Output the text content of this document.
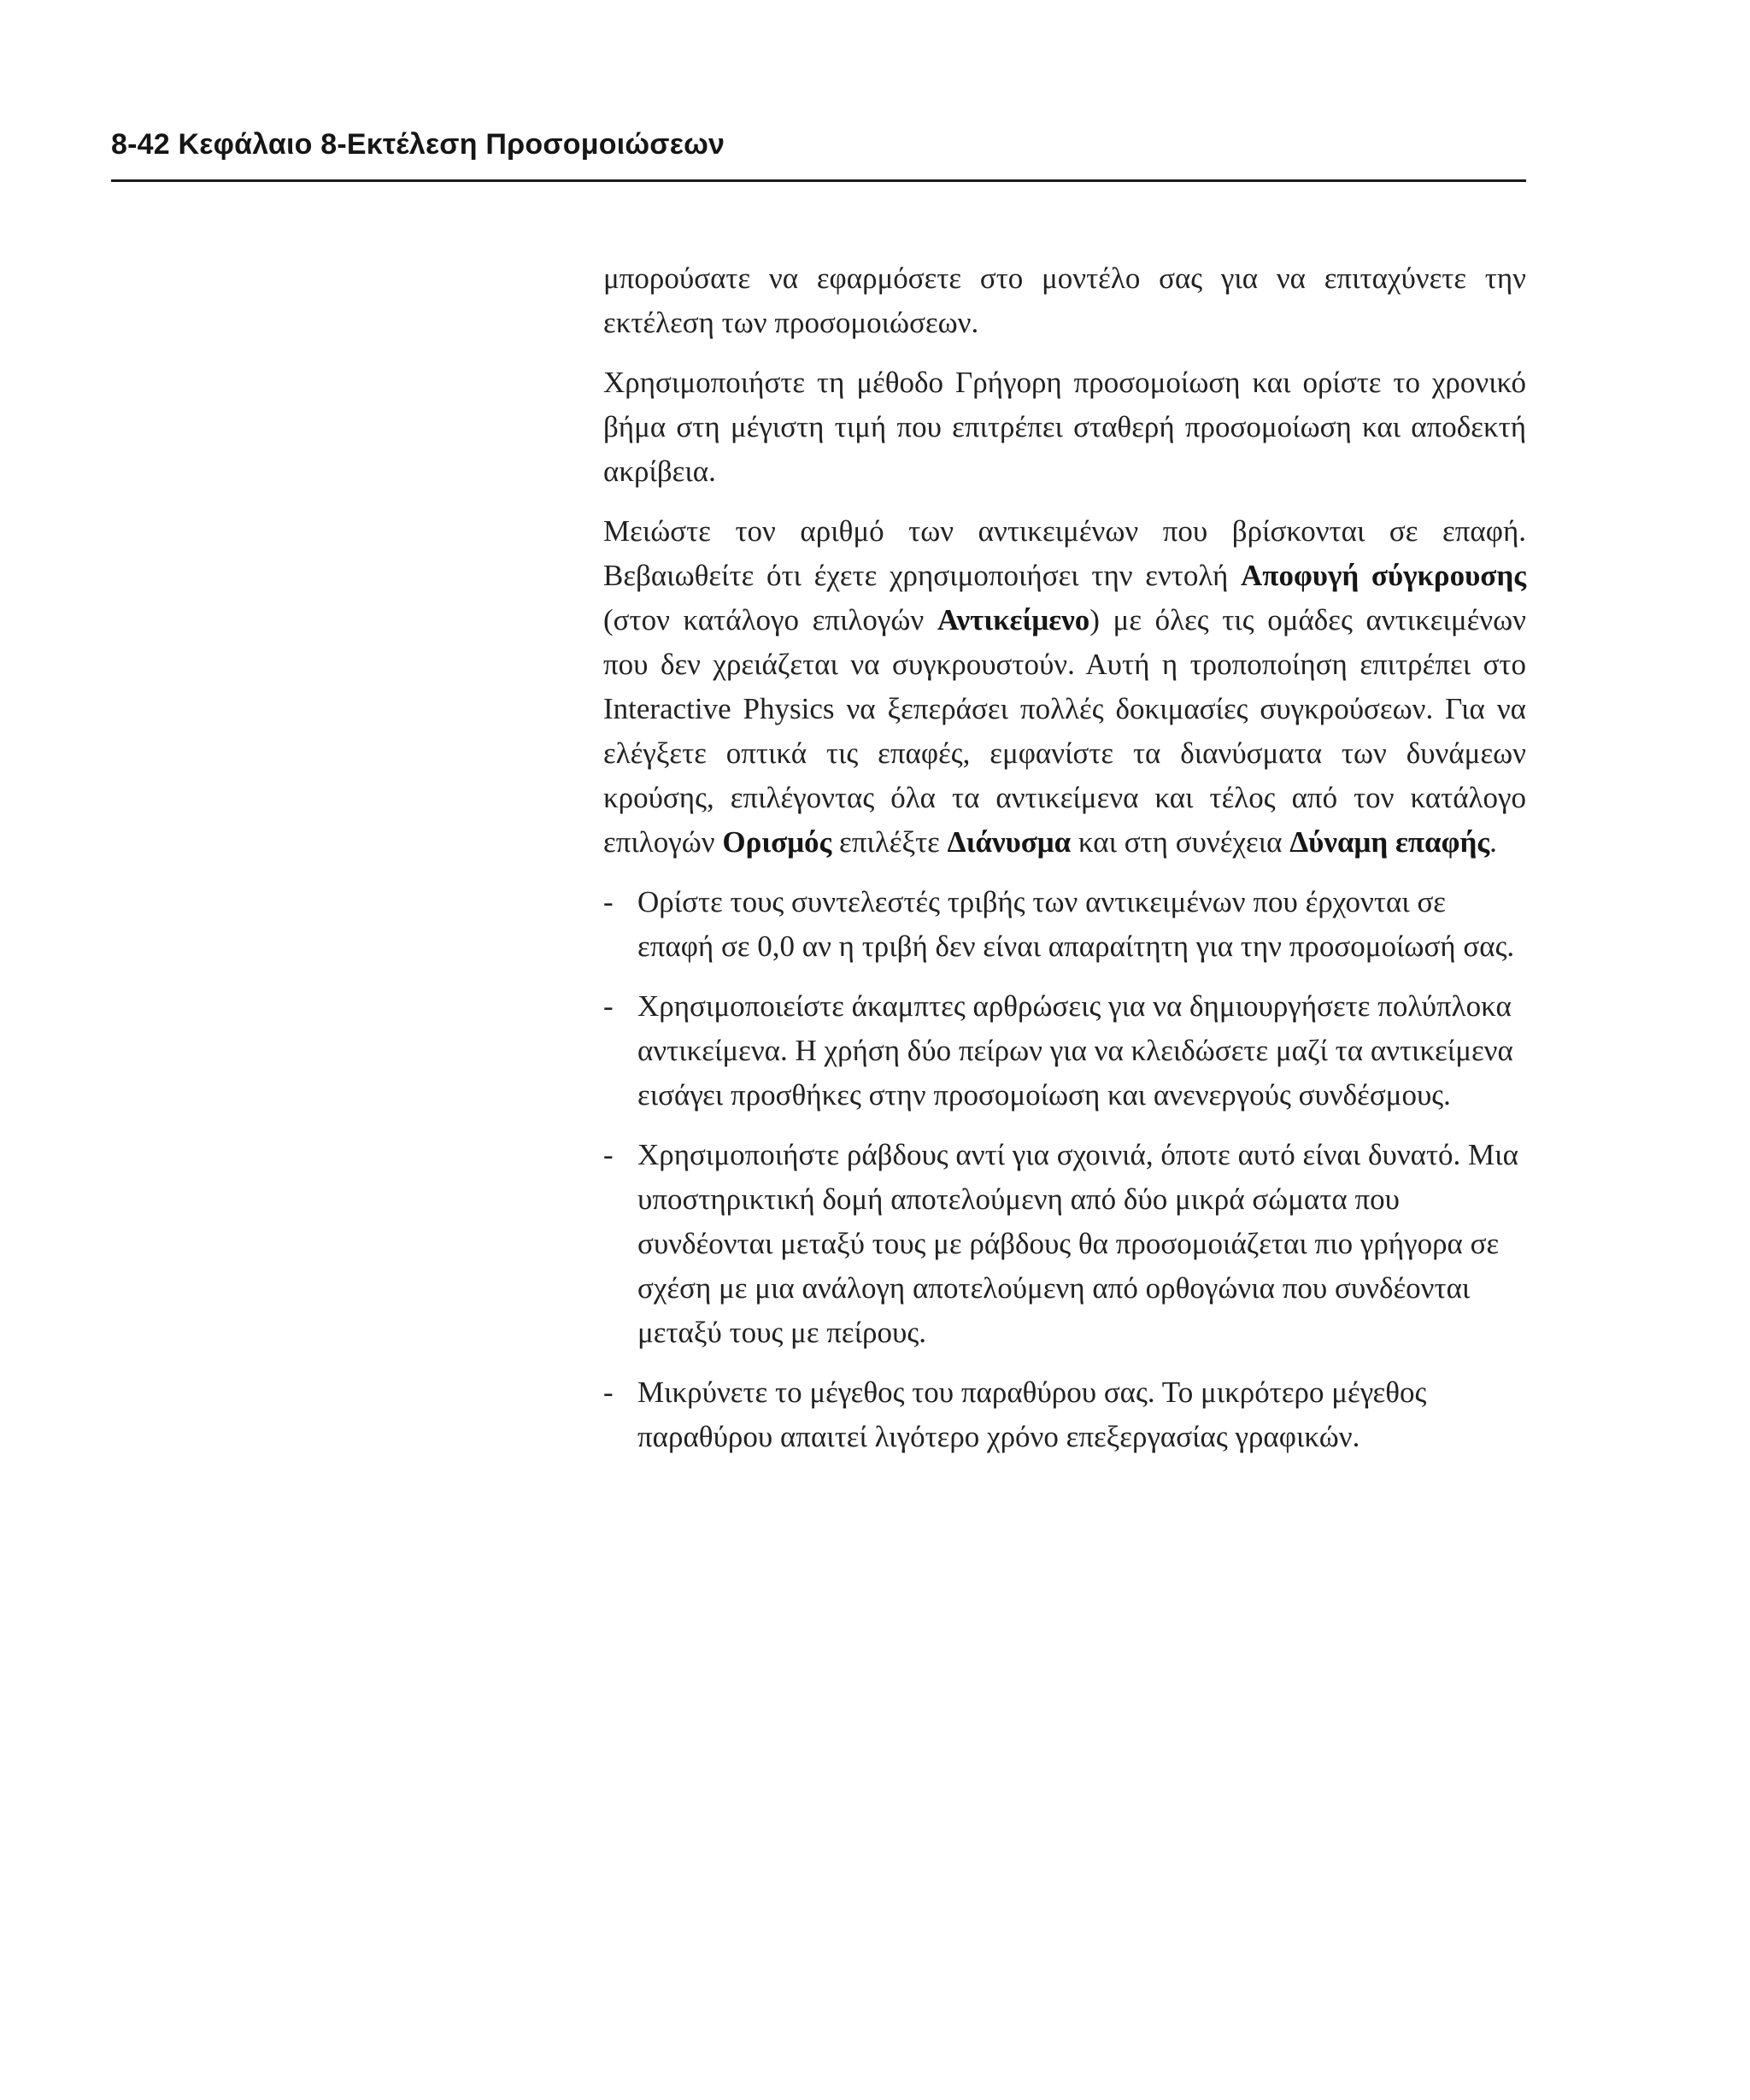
8-42 Κεφάλαιο 8-Εκτέλεση Προσομοιώσεων

μπορούσατε να εφαρμόσετε στο μοντέλο σας για να επιταχύνετε την εκτέλεση των προσομοιώσεων.

Χρησιμοποιήστε τη μέθοδο Γρήγορη προσομοίωση και ορίστε το χρονικό βήμα στη μέγιστη τιμή που επιτρέπει σταθερή προσομοίωση και αποδεκτή ακρίβεια.

Μειώστε τον αριθμό των αντικειμένων που βρίσκονται σε επαφή. Βεβαιωθείτε ότι έχετε χρησιμοποιήσει την εντολή Αποφυγή σύγκρουσης (στον κατάλογο επιλογών Αντικείμενο) με όλες τις ομάδες αντικειμένων που δεν χρειάζεται να συγκρουστούν. Αυτή η τροποποίηση επιτρέπει στο Interactive Physics να ξεπεράσει πολλές δοκιμασίες συγκρούσεων. Για να ελέγξετε οπτικά τις επαφές, εμφανίστε τα διανύσματα των δυνάμεων κρούσης, επιλέγοντας όλα τα αντικείμενα και τέλος από τον κατάλογο επιλογών Ορισμός επιλέξτε Διάνυσμα και στη συνέχεια Δύναμη επαφής.

- Ορίστε τους συντελεστές τριβής των αντικειμένων που έρχονται σε επαφή σε 0,0 αν η τριβή δεν είναι απαραίτητη για την προσομοίωσή σας.
- Χρησιμοποιείστε άκαμπτες αρθρώσεις για να δημιουργήσετε πολύπλοκα αντικείμενα. Η χρήση δύο πείρων για να κλειδώσετε μαζί τα αντικείμενα εισάγει προσθήκες στην προσομοίωση και ανενεργούς συνδέσμους.
- Χρησιμοποιήστε ράβδους αντί για σχοινιά, όποτε αυτό είναι δυνατό. Μια υποστηρικτική δομή αποτελούμενη από δύο μικρά σώματα που συνδέονται μεταξύ τους με ράβδους θα προσομοιάζεται πιο γρήγορα σε σχέση με μια ανάλογη αποτελούμενη από ορθογώνια που συνδέονται μεταξύ τους με πείρους.
- Μικρύνετε το μέγεθος του παραθύρου σας. Το μικρότερο μέγεθος παραθύρου απαιτεί λιγότερο χρόνο επεξεργασίας γραφικών.
